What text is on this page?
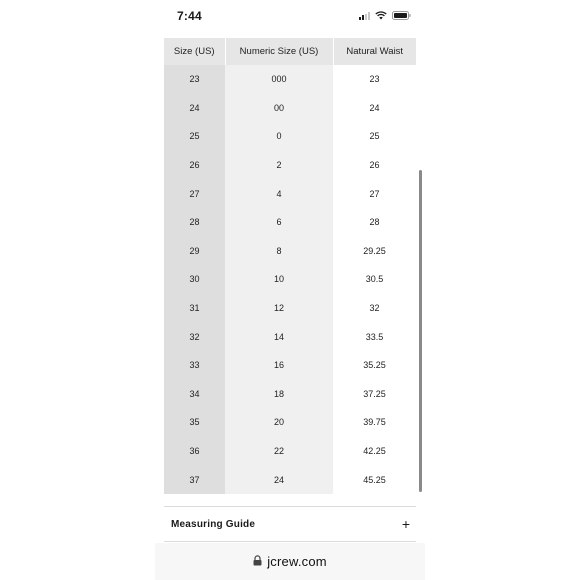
7:44
Size (US)	Numeric Size (US)	Natural Waist
23	000	23
24	00	24
25	0	25
26	2	26
27	4	27
28	6	28
29	8	29.25
30	10	30.5
31	12	32
32	14	33.5
33	16	35.25
34	18	37.25
35	20	39.75
36	22	42.25
37	24	45.25
Measuring Guide	+
jcrew.com
